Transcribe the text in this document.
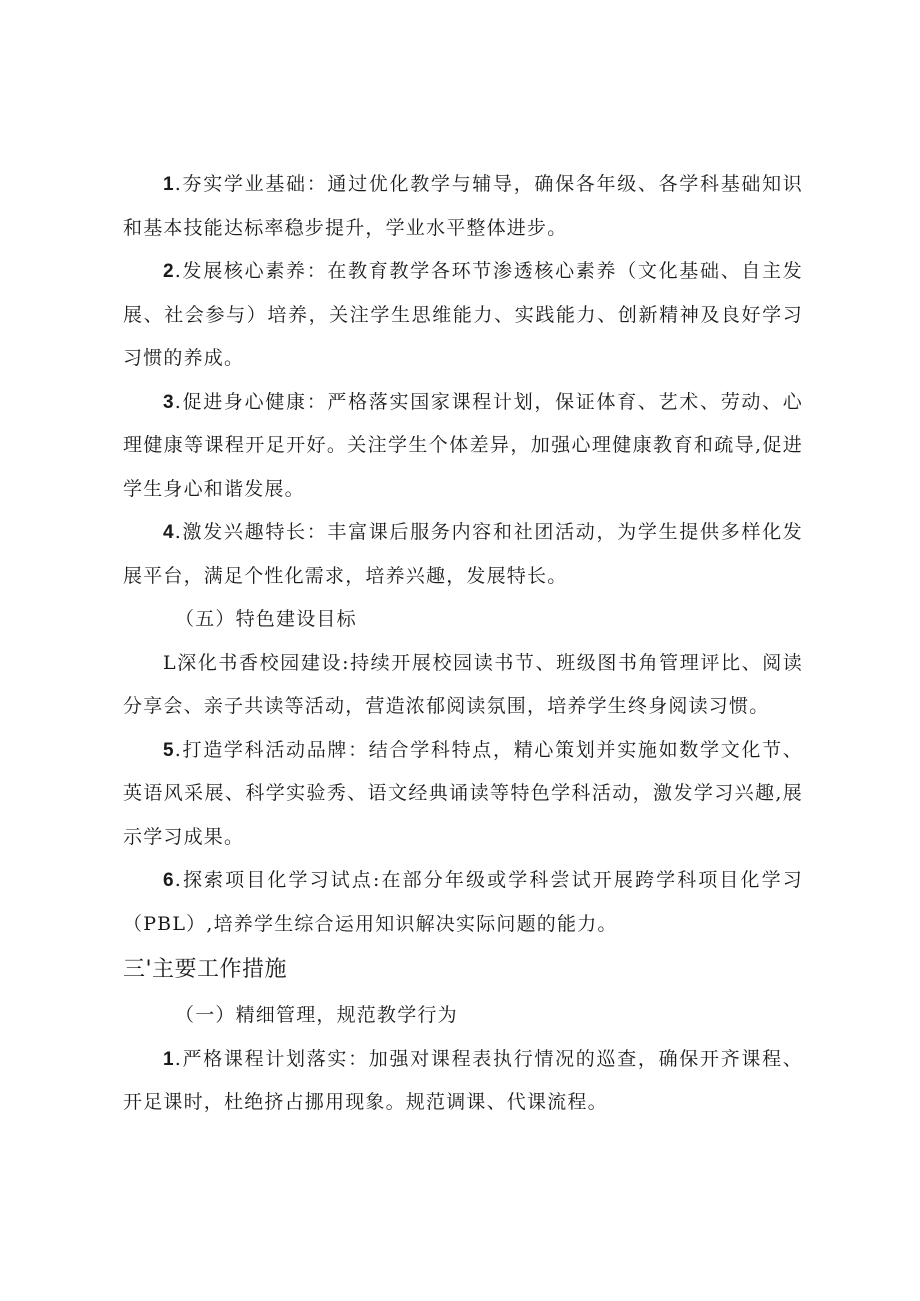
1.夯实学业基础：通过优化教学与辅导，确保各年级、各学科基础知识和基本技能达标率稳步提升，学业水平整体进步。

2.发展核心素养：在教育教学各环节渗透核心素养（文化基础、自主发展、社会参与）培养，关注学生思维能力、实践能力、创新精神及良好学习习惯的养成。

3.促进身心健康：严格落实国家课程计划，保证体育、艺术、劳动、心理健康等课程开足开好。关注学生个体差异，加强心理健康教育和疏导,促进学生身心和谐发展。

4.激发兴趣特长：丰富课后服务内容和社团活动，为学生提供多样化发展平台，满足个性化需求，培养兴趣，发展特长。

（五）特色建设目标

L深化书香校园建设:持续开展校园读书节、班级图书角管理评比、阅读分享会、亲子共读等活动，营造浓郁阅读氛围，培养学生终身阅读习惯。

5.打造学科活动品牌：结合学科特点，精心策划并实施如数学文化节、英语风采展、科学实验秀、语文经典诵读等特色学科活动，激发学习兴趣,展示学习成果。

6.探索项目化学习试点:在部分年级或学科尝试开展跨学科项目化学习（PBL）,培养学生综合运用知识解决实际问题的能力。

三'主要工作措施

（一）精细管理，规范教学行为

1.严格课程计划落实：加强对课程表执行情况的巡查，确保开齐课程、开足课时，杜绝挤占挪用现象。规范调课、代课流程。
